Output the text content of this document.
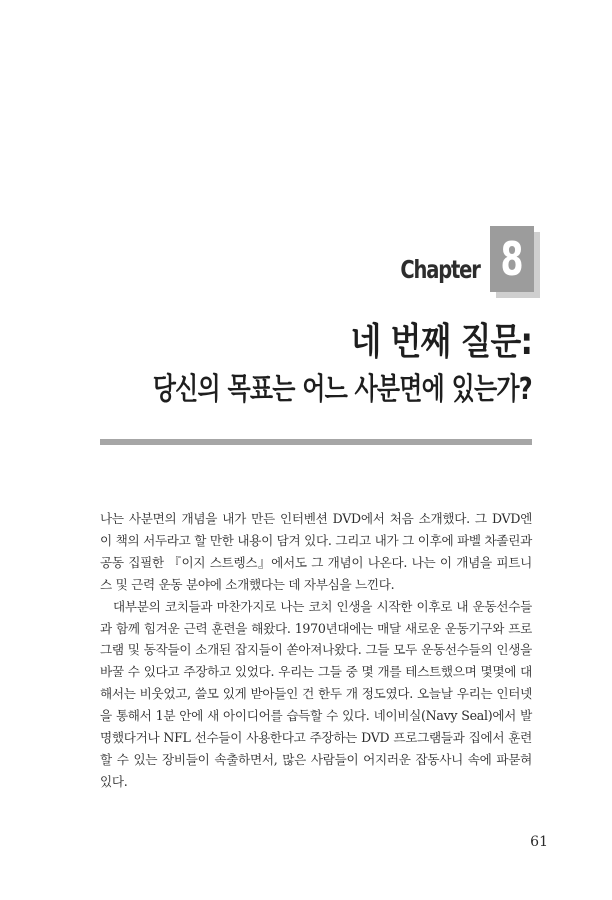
Chapter 8
네 번째 질문:
당신의 목표는 어느 사분면에 있는가?

나는 사분면의 개념을 내가 만든 인터벤션 DVD에서 처음 소개했다. 그 DVD엔 이 책의 서두라고 할 만한 내용이 담겨 있다. 그리고 내가 그 이후에 파벨 차졸린과 공동 집필한 『이지 스트렝스』에서도 그 개념이 나온다. 나는 이 개념을 피트니스 및 근력 운동 분야에 소개했다는 데 자부심을 느낀다.

대부분의 코치들과 마찬가지로 나는 코치 인생을 시작한 이후로 내 운동선수들과 함께 힘겨운 근력 훈련을 해왔다. 1970년대에는 매달 새로운 운동기구와 프로그램 및 동작들이 소개된 잡지들이 쏟아져나왔다. 그들 모두 운동선수들의 인생을 바꿀 수 있다고 주장하고 있었다. 우리는 그들 중 몇 개를 테스트했으며 몇몇에 대해서는 비웃었고, 쓸모 있게 받아들인 건 한두 개 정도였다. 오늘날 우리는 인터넷을 통해서 1분 안에 새 아이디어를 습득할 수 있다. 네이비실(Navy Seal)에서 발명했다거나 NFL 선수들이 사용한다고 주장하는 DVD 프로그램들과 집에서 훈련할 수 있는 장비들이 속출하면서, 많은 사람들이 어지러운 잡동사니 속에 파묻혀 있다.

61
